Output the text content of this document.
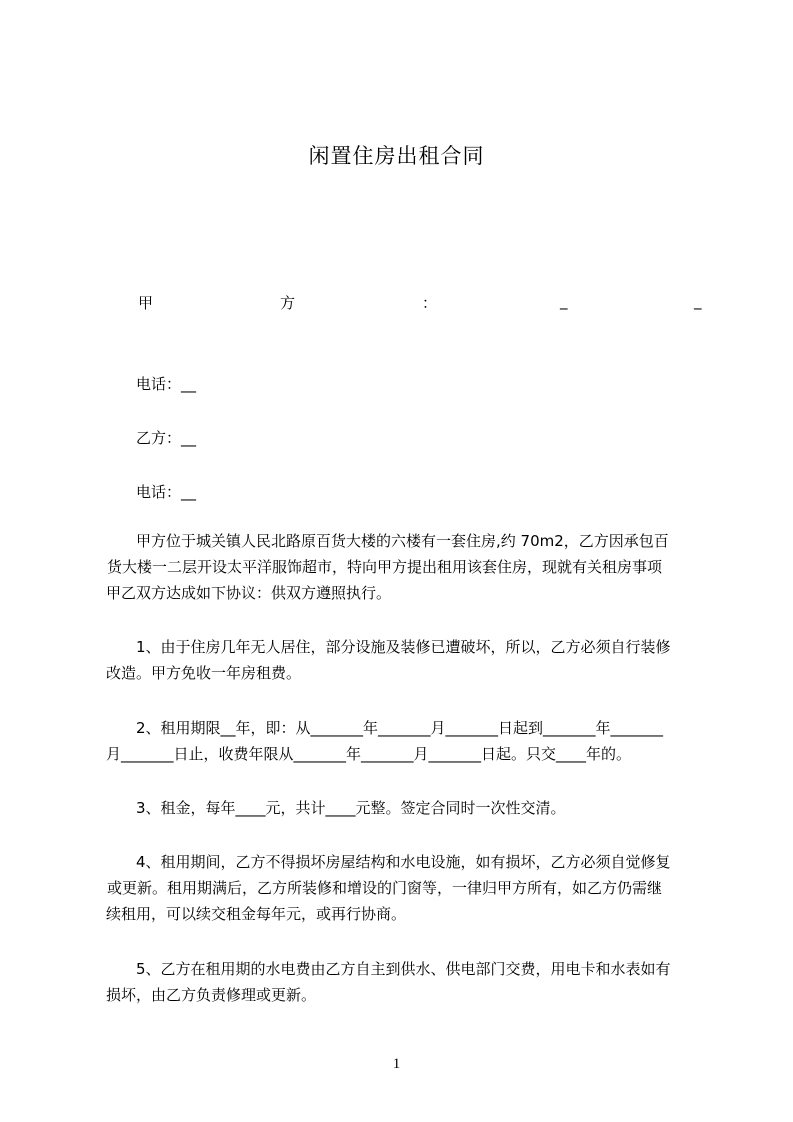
闲置住房出租合同
甲	方	：	_	_
电话：__
乙方：__
电话：__
甲方位于城关镇人民北路原百货大楼的六楼有一套住房,约 70m2，乙方因承包百
货大楼一二层开设太平洋服饰超市，特向甲方提出租用该套住房，现就有关租房事项
甲乙双方达成如下协议：供双方遵照执行。
1、由于住房几年无人居住，部分设施及装修已遭破坏，所以，乙方必须自行装修
改造。甲方免收一年房租费。
2、租用期限__年，即：从_______年_______月_______日起到_______年_______
月_______日止，收费年限从_______年_______月_______日起。只交____年的。
3、租金，每年____元，共计____元整。签定合同时一次性交清。
4、租用期间，乙方不得损坏房屋结构和水电设施，如有损坏，乙方必须自觉修复
或更新。租用期满后，乙方所装修和增设的门窗等，一律归甲方所有，如乙方仍需继
续租用，可以续交租金每年元，或再行协商。
5、乙方在租用期的水电费由乙方自主到供水、供电部门交费，用电卡和水表如有
损坏，由乙方负责修理或更新。
1
